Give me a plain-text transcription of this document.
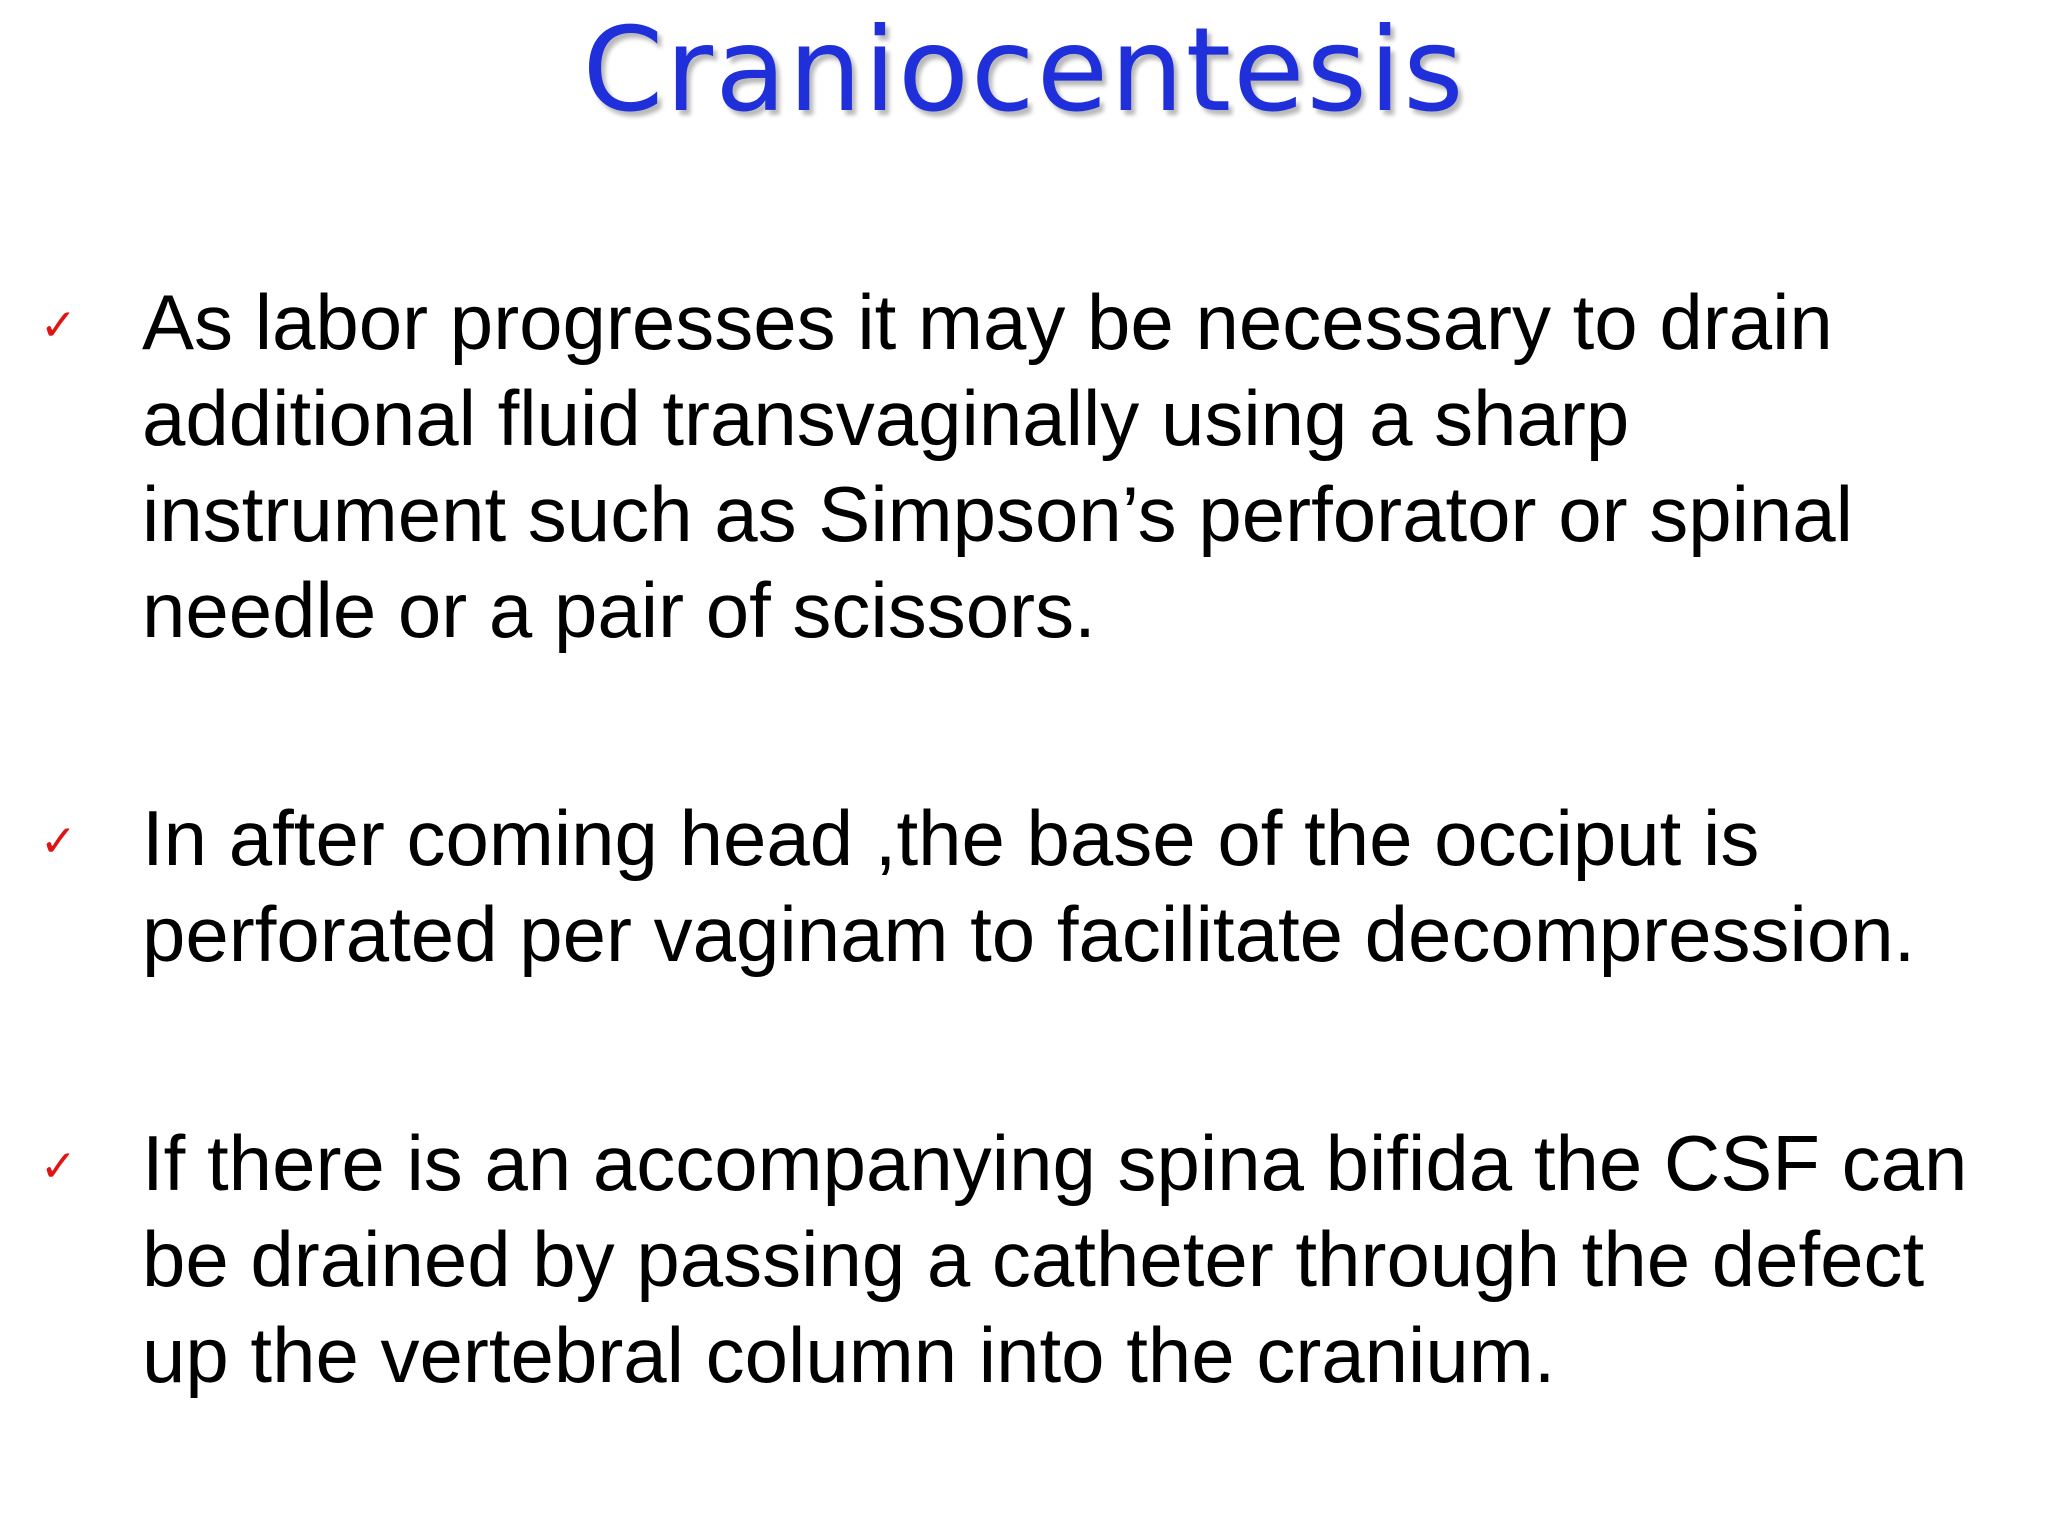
Craniocentesis
✓ As labor progresses it may be necessary to drain
additional fluid transvaginally using a sharp
instrument such as Simpson’s perforator or spinal
needle or a pair of scissors.
✓ In after coming head ,the base of the occiput is
perforated per vaginam to facilitate decompression.
✓ If there is an accompanying spina bifida the CSF can
be drained by passing a catheter through the defect
up the vertebral column into the cranium.
